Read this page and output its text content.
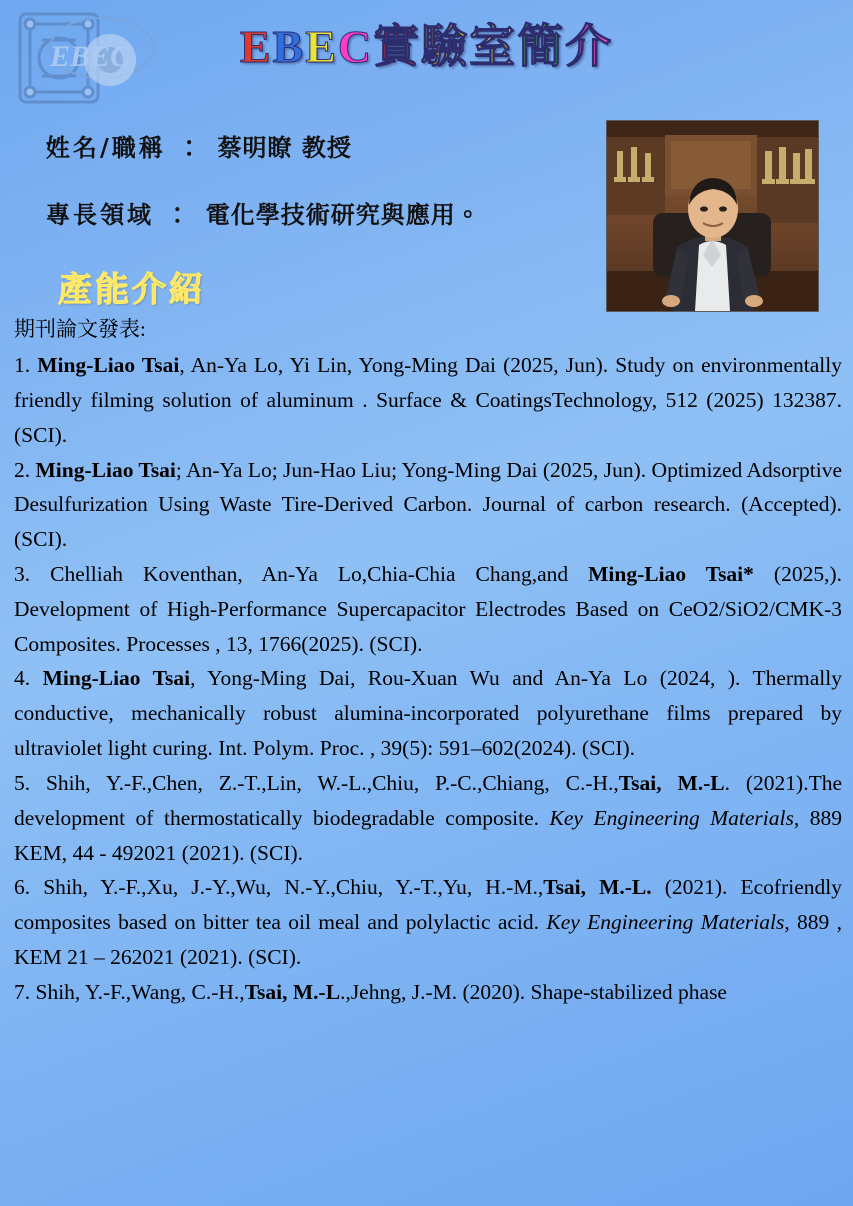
EBEC	EBEC實驗室簡介
姓名/職稱 ： 蔡明瞭 教授
專長領域 ： 電化學技術研究與應用。
產能介紹
期刊論文發表:

1. Ming-Liao Tsai, An-Ya Lo, Yi Lin, Yong-Ming Dai (2025, Jun). Study on environmentally friendly filming solution of aluminum . Surface & CoatingsTechnology, 512 (2025) 132387. (SCI).

2. Ming-Liao Tsai; An-Ya Lo; Jun-Hao Liu; Yong-Ming Dai (2025, Jun). Optimized Adsorptive Desulfurization Using Waste Tire-Derived Carbon. Journal of carbon research. (Accepted). (SCI).

3. Chelliah Koventhan, An-Ya Lo,Chia-Chia Chang,and Ming-Liao Tsai* (2025,). Development of High-Performance Supercapacitor Electrodes Based on CeO2/SiO2/CMK-3 Composites. Processes , 13, 1766(2025). (SCI).

4. Ming-Liao Tsai, Yong-Ming Dai, Rou-Xuan Wu and An-Ya Lo (2024, ). Thermally conductive, mechanically robust alumina-incorporated polyurethane films prepared by ultraviolet light curing. Int. Polym. Proc. , 39(5): 591–602(2024). (SCI).

5. Shih, Y.-F.,Chen, Z.-T.,Lin, W.-L.,Chiu, P.-C.,Chiang, C.-H.,Tsai, M.-L. (2021).The development of thermostatically biodegradable composite. Key Engineering Materials, 889 KEM, 44 - 492021 (2021). (SCI).

6. Shih, Y.-F.,Xu, J.-Y.,Wu, N.-Y.,Chiu, Y.-T.,Yu, H.-M.,Tsai, M.-L. (2021). Ecofriendly composites based on bitter tea oil meal and polylactic acid. Key Engineering Materials, 889 , KEM 21 – 262021 (2021). (SCI).

7. Shih, Y.-F.,Wang, C.-H.,Tsai, M.-L.,Jehng, J.-M. (2020). Shape-stabilized phase
